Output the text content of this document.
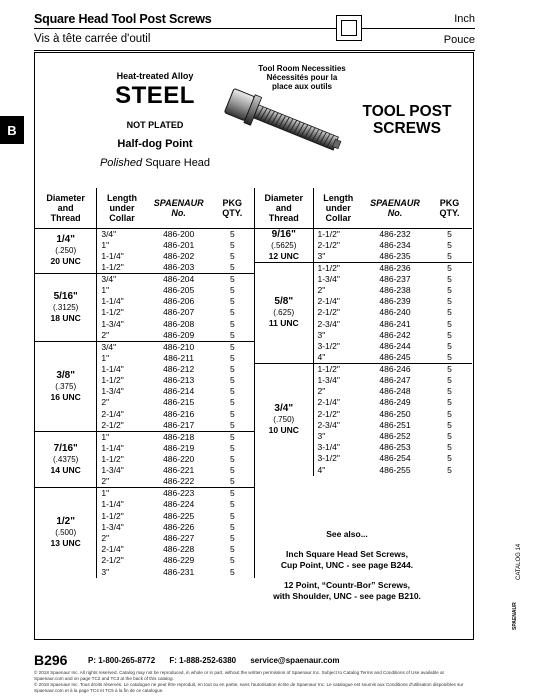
Square Head Tool Post Screws
Vis à tête carrée d'outil
Inch
Pouce
B
Heat-treated Alloy
STEEL
NOT PLATED
Half-dog Point
Polished Square Head
Tool Room Necessities
Nécessités pour la
place aux outils
TOOL POST
SCREWS
Diameter
and
Thread	Length
under
Collar	SPAENAUR
No.	PKG
QTY.

1/4"
(.250)
20 UNC	3/4"	486-200	5
	1"	486-201	5
	1-1/4"	486-202	5
	1-1/2"	486-203	5

5/16"
(.3125)
18 UNC	3/4"	486-204	5
	1"	486-205	5
	1-1/4"	486-206	5
	1-1/2"	486-207	5
	1-3/4"	486-208	5
	2"	486-209	5

3/8"
(.375)
16 UNC	3/4"	486-210	5
	1"	486-211	5
	1-1/4"	486-212	5
	1-1/2"	486-213	5
	1-3/4"	486-214	5
	2"	486-215	5
	2-1/4"	486-216	5
	2-1/2"	486-217	5

7/16"
(.4375)
14 UNC	1"	486-218	5
	1-1/4"	486-219	5
	1-1/2"	486-220	5
	1-3/4"	486-221	5
	2"	486-222	5

1/2"
(.500)
13 UNC	1"	486-223	5
	1-1/4"	486-224	5
	1-1/2"	486-225	5
	1-3/4"	486-226	5
	2"	486-227	5
	2-1/4"	486-228	5
	2-1/2"	486-229	5
	3"	486-231	5
Diameter
and
Thread	Length
under
Collar	SPAENAUR
No.	PKG
QTY.

9/16"
(.5625)
12 UNC	1-1/2"	486-232	5
	2-1/2"	486-234	5
	3"	486-235	5

5/8"
(.625)
11 UNC	1-1/2"	486-236	5
	1-3/4"	486-237	5
	2"	486-238	5
	2-1/4"	486-239	5
	2-1/2"	486-240	5
	2-3/4"	486-241	5
	3"	486-242	5
	3-1/2"	486-244	5
	4"	486-245	5

3/4"
(.750)
10 UNC	1-1/2"	486-246	5
	1-3/4"	486-247	5
	2"	486-248	5
	2-1/4"	486-249	5
	2-1/2"	486-250	5
	2-3/4"	486-251	5
	3"	486-252	5
	3-1/4"	486-253	5
	3-1/2"	486-254	5
	4"	486-255	5

See also...

Inch Square Head Set Screws,
Cup Point, UNC - see page B244.

12 Point, “Countr-Bor” Screws,
with Shoulder, UNC - see page B210.

CATALOG 14
SPAENAUR
B296	P: 1-800-265-8772 F: 1-888-252-6380 service@spaenaur.com
© 2018 Spaenaur Inc. All rights reserved. Catalog may not be reproduced, in whole or in part, without the written permission of Spaenaur Inc. Subject to Catalog Terms and Conditions of Use available at Spaenaur.com and on page TC2 and TC3 at the back of this catalog.
© 2018 Spaenaur Inc. Tous droits réservés. Le catalogue ne peut être reproduit, en tout ou en partie, sans l'autorisation écrite de Spaenaur Inc. Le catalogue est soumis aux Conditions d'utilisation disponibles sur Spaenaur.com et à la page TC4 et TC5 à la fin de ce catalogue.
